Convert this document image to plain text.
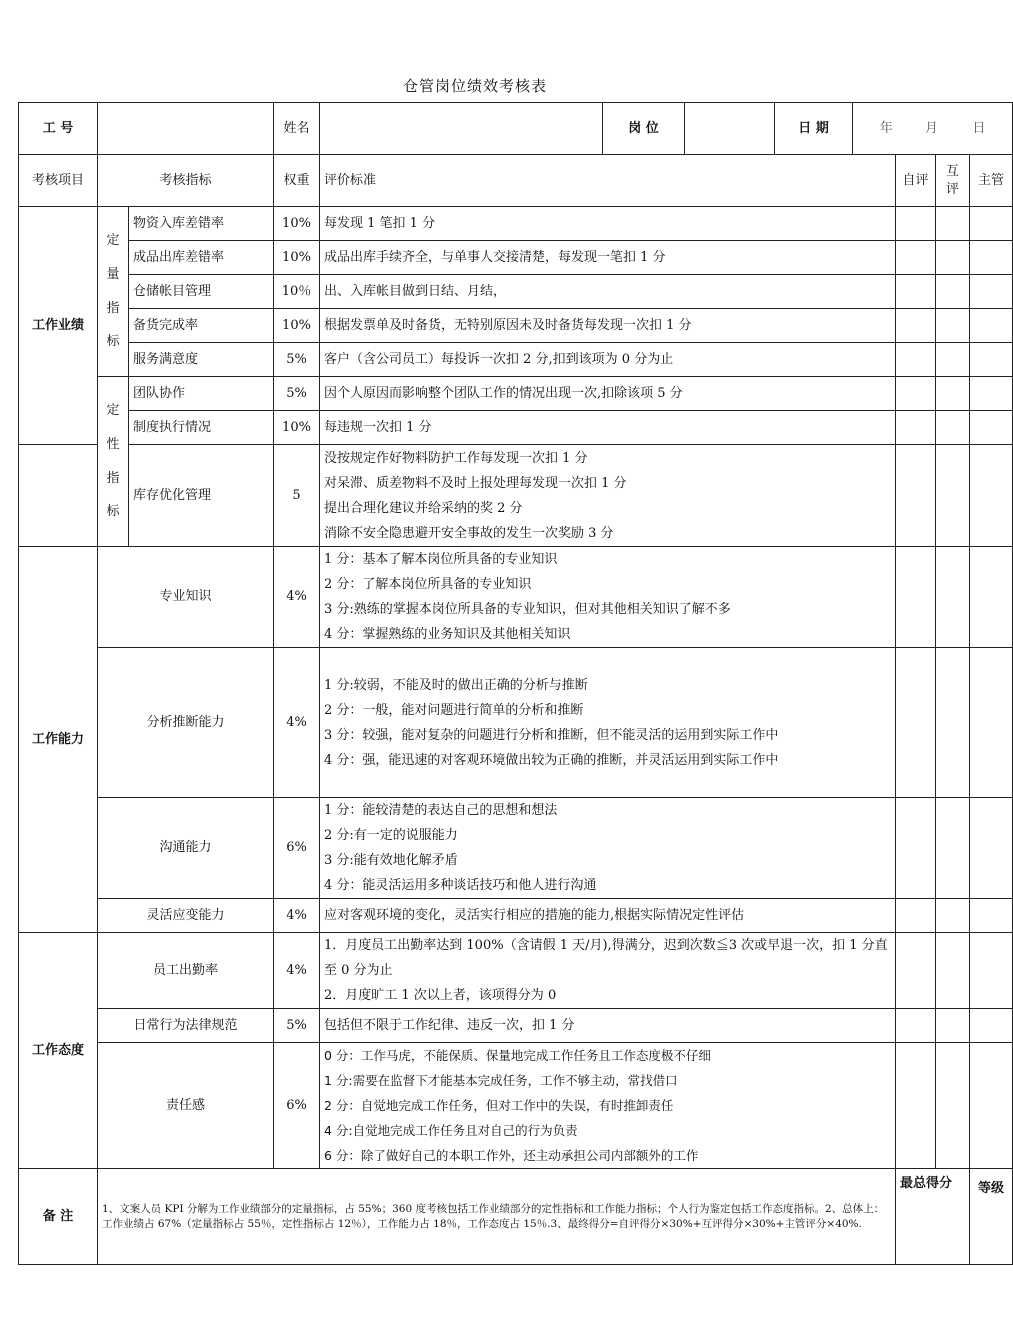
仓管岗位绩效考核表
工 号			姓名		岗 位		日 期	年 月 日			
考核项目	考核指标		权重	评价标准					自评	互评	主管
工作业绩	定量指标	物资入库差错率	10%	每发现 1 笔扣 1 分							

		成品出库差错率	10%	成品出库手续齐全，与单事人交接清楚，每发现一笔扣 1 分							

		仓储帐目管理	10％	出、入库帐目做到日结、月结，							

		备货完成率	10%	根据发票单及时备货，无特别原因未及时备货每发现一次扣 1 分							

		服务满意度	5%	客户（含公司员工）每投诉一次扣 2 分,扣到该项为 0 分为止							

	定性指标	团队协作	5%	因个人原因而影响整个团队工作的情况出现一次,扣除该项 5 分							

		制度执行情况	10%	每违规一次扣 1 分							

		库存优化管理	5	没按规定作好物料防护工作每发现一次扣 1 分
对呆滞、质差物料不及时上报处理每发现一次扣 1 分
提出合理化建议并给采纳的奖 2 分
消除不安全隐患避开安全事故的发生一次奖励 3 分							

工作能力	专业知识		4%	1 分：基本了解本岗位所具备的专业知识
2 分：了解本岗位所具备的专业知识
3 分:熟练的掌握本岗位所具备的专业知识，但对其他相关知识了解不多
4 分：掌握熟练的业务知识及其他相关知识							

	分析推断能力		4%	1 分:较弱，不能及时的做出正确的分析与推断
2 分：一般，能对问题进行简单的分析和推断
3 分：较强，能对复杂的问题进行分析和推断，但不能灵活的运用到实际工作中
4 分：强，能迅速的对客观环境做出较为正确的推断，并灵活运用到实际工作中							

	沟通能力		6%	1 分：能较清楚的表达自己的思想和想法
2 分:有一定的说服能力
3 分:能有效地化解矛盾
4 分：能灵活运用多种谈话技巧和他人进行沟通							

	灵活应变能力		4%	应对客观环境的变化，灵活实行相应的措施的能力,根据实际情况定性评估							

工作态度	员工出勤率		4%	1．月度员工出勤率达到 100%（含请假 1 天/月),得满分，迟到次数≦3 次或早退一次，扣 1 分直至 0 分为止
2．月度旷工 1 次以上者，该项得分为 0							

	日常行为法律规范		5%	包括但不限于工作纪律、违反一次，扣 1 分							

	责任感		6%	0 分：工作马虎，不能保质、保量地完成工作任务且工作态度极不仔细
1 分:需要在监督下才能基本完成任务，工作不够主动，常找借口
2 分：自觉地完成工作任务，但对工作中的失误，有时推卸责任
4 分:自觉地完成工作任务且对自己的行为负责
6 分：除了做好自己的本职工作外，还主动承担公司内部额外的工作							

备 注	1、文案人员 KPI 分解为工作业绩部分的定量指标，占 55%；360 度考核包括工作业绩部分的定性指标和工作能力指标；个人行为鉴定包括工作态度指标。2、总体上：工作业绩占 67%（定量指标占 55％，定性指标占 12％），工作能力占 18％，工作态度占 15％.3、最终得分=自评得分×30%+互评得分×30%+主管评分×40%.								最总得分		等级
